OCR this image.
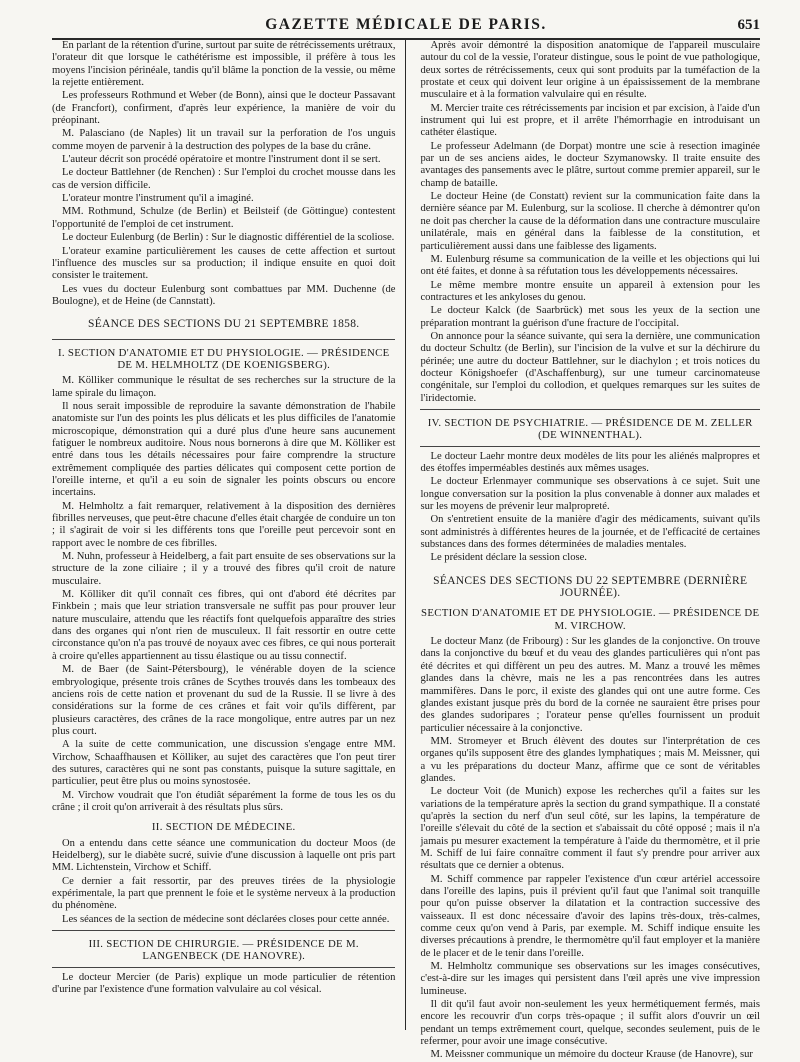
GAZETTE MÉDICALE DE PARIS.	651

En parlant de la rétention d'urine, surtout par suite de rétrécissements urétraux, l'orateur dit que lorsque le cathétérisme est impossible, il préfère à tous les moyens l'incision périnéale, tandis qu'il blâme la ponction de la vessie, ou même la rejette entièrement.

Les professeurs Rothmund et Weber (de Bonn), ainsi que le docteur Passavant (de Francfort), confirment, d'après leur expérience, la manière de voir du préopinant.

M. Palasciano (de Naples) lit un travail sur la perforation de l'os unguis comme moyen de parvenir à la destruction des polypes de la base du crâne.

L'auteur décrit son procédé opératoire et montre l'instrument dont il se sert.

Le docteur Battlehner (de Renchen) : Sur l'emploi du crochet mousse dans les cas de version difficile.

L'orateur montre l'instrument qu'il a imaginé.

MM. Rothmund, Schulze (de Berlin) et Beilsteif (de Göttingue) contestent l'opportunité de l'emploi de cet instrument.

Le docteur Eulenburg (de Berlin) : Sur le diagnostic différentiel de la scoliose.

L'orateur examine particulièrement les causes de cette affection et surtout l'influence des muscles sur sa production; il indique ensuite en quoi doit consister le traitement.

Les vues du docteur Eulenburg sont combattues par MM. Duchenne (de Boulogne), et de Heine (de Cannstatt).

SÉANCE DES SECTIONS DU 21 SEPTEMBRE 1858.
I. SECTION D'ANATOMIE ET DU PHYSIOLOGIE. — PRÉSIDENCE DE M. HELMHOLTZ (DE KOENIGSBERG).

M. Kölliker communique le résultat de ses recherches sur la structure de la lame spirale du limaçon.

Il nous serait impossible de reproduire la savante démonstration de l'habile anatomiste sur l'un des points les plus délicats et les plus difficiles de l'anatomie microscopique, démonstration qui a duré plus d'une heure sans aucunement fatiguer le nombreux auditoire. Nous nous bornerons à dire que M. Kölliker est entré dans tous les détails nécessaires pour faire comprendre la structure extrêmement compliquée des parties délicates qui composent cette portion de l'oreille interne, et qu'il a eu soin de signaler les points obscurs ou encore incertains.

M. Helmholtz a fait remarquer, relativement à la disposition des dernières fibrilles nerveuses, que peut-être chacune d'elles était chargée de conduire un ton ; il s'agirait de voir si les différents tons que l'oreille peut percevoir sont en rapport avec le nombre de ces fibrilles.

M. Nuhn, professeur à Heidelberg, a fait part ensuite de ses observations sur la structure de la zone ciliaire ; il y a trouvé des fibres qu'il croit de nature musculaire.

M. Kölliker dit qu'il connaît ces fibres, qui ont d'abord été décrites par Finkbein ; mais que leur striation transversale ne suffit pas pour prouver leur nature musculaire, attendu que les réactifs font quelquefois apparaître des stries dans des organes qui n'ont rien de musculeux. Il fait ressortir en outre cette circonstance qu'on n'a pas trouvé de noyaux avec ces fibres, ce qui nous porterait à croire qu'elles appartiennent au tissu élastique ou au tissu connectif.

M. de Baer (de Saint-Pétersbourg), le vénérable doyen de la science embryologique, présente trois crânes de Scythes trouvés dans les tombeaux des anciens rois de cette nation et provenant du sud de la Russie. Il se livre à des considérations sur la forme de ces crânes et fait voir qu'ils diffèrent, par plusieurs caractères, des crânes de la race mongolique, entre autres par un nez plus court.

A la suite de cette communication, une discussion s'engage entre MM. Virchow, Schaaffhausen et Kölliker, au sujet des caractères que l'on peut tirer des sutures, caractères qui ne sont pas constants, puisque la suture sagittale, en particulier, peut être plus ou moins synostosée.

M. Virchow voudrait que l'on étudiât séparément la forme de tous les os du crâne ; il croit qu'on arriverait à des résultats plus sûrs.

II. SECTION DE MÉDECINE.

On a entendu dans cette séance une communication du docteur Moos (de Heidelberg), sur le diabète sucré, suivie d'une discussion à laquelle ont pris part MM. Lichtenstein, Virchow et Schiff.

Ce dernier a fait ressortir, par des preuves tirées de la physiologie expérimentale, la part que prennent le foie et le système nerveux à la production du phénomène.

Les séances de la section de médecine sont déclarées closes pour cette année.

III. SECTION DE CHIRURGIE. — PRÉSIDENCE DE M. LANGENBECK (DE HANOVRE).

Le docteur Mercier (de Paris) explique un mode particulier de rétention d'urine par l'existence d'une formation valvulaire au col vésical.

Après avoir démontré la disposition anatomique de l'appareil musculaire autour du col de la vessie, l'orateur distingue, sous le point de vue pathologique, deux sortes de rétrécissements, ceux qui sont produits par la tuméfaction de la prostate et ceux qui doivent leur origine à un épaississement de la membrane musculaire et à la formation valvulaire qui en résulte.

M. Mercier traite ces rétrécissements par incision et par excision, à l'aide d'un instrument qui lui est propre, et il arrête l'hémorrhagie en introduisant un cathéter élastique.

Le professeur Adelmann (de Dorpat) montre une scie à resection imaginée par un de ses anciens aides, le docteur Szymanowsky. Il traite ensuite des avantages des pansements avec le plâtre, surtout comme premier appareil, sur le champ de bataille.

Le docteur Heine (de Constatt) revient sur la communication faite dans la dernière séance par M. Eulenburg, sur la scoliose. Il cherche à démontrer qu'on ne doit pas chercher la cause de la déformation dans une contracture musculaire unilatérale, mais en général dans la faiblesse de la constitution, et particulièrement aussi dans une faiblesse des ligaments.

M. Eulenburg résume sa communication de la veille et les objections qui lui ont été faites, et donne à sa réfutation tous les développements nécessaires.

Le même membre montre ensuite un appareil à extension pour les contractures et les ankyloses du genou.

Le docteur Kalck (de Saarbrück) met sous les yeux de la section une préparation montrant la guérison d'une fracture de l'occipital.

On annonce pour la séance suivante, qui sera la dernière, une communication du docteur Schultz (de Berlin), sur l'incision de la vulve et sur la déchirure du périnée; une autre du docteur Battlehner, sur le diachylon ; et trois notices du docteur Königshoefer (d'Aschaffenburg), sur une tumeur carcinomateuse congénitale, sur l'emploi du collodion, et quelques remarques sur les suites de l'iridectomie.

IV. SECTION DE PSYCHIATRIE. — PRÉSIDENCE DE M. ZELLER (DE WINNENTHAL).

Le docteur Laehr montre deux modèles de lits pour les aliénés malpropres et des étoffes imperméables destinés aux mêmes usages.

Le docteur Erlenmayer communique ses observations à ce sujet. Suit une longue conversation sur la position la plus convenable à donner aux malades et sur les moyens de prévenir leur malpropreté.

On s'entretient ensuite de la manière d'agir des médicaments, suivant qu'ils sont administrés à différentes heures de la journée, et de l'efficacité de certaines substances dans des formes déterminées de maladies mentales.

Le président déclare la session close.

SÉANCES DES SECTIONS DU 22 SEPTEMBRE (DERNIÈRE JOURNÉE).
SECTION D'ANATOMIE ET DE PHYSIOLOGIE. — PRÉSIDENCE DE M. VIRCHOW.

Le docteur Manz (de Fribourg) : Sur les glandes de la conjonctive. On trouve dans la conjonctive du bœuf et du veau des glandes particulières qui n'ont pas été décrites et qui diffèrent un peu des autres. M. Manz a trouvé les mêmes glandes dans la chèvre, mais ne les a pas rencontrées dans les autres mammifères. Dans le porc, il existe des glandes qui ont une autre forme. Ces glandes existant jusque près du bord de la cornée ne sauraient être prises pour des glandes sudoripares ; l'orateur pense qu'elles fournissent un produit particulier nécessaire à la conjonctive.

MM. Stromeyer et Bruch élèvent des doutes sur l'interprétation de ces organes qu'ils supposent être des glandes lymphatiques ; mais M. Meissner, qui a vu les préparations du docteur Manz, affirme que ce sont de véritables glandes.

Le docteur Voit (de Munich) expose les recherches qu'il a faites sur les variations de la température après la section du grand sympathique. Il a constaté qu'après la section du nerf d'un seul côté, sur les lapins, la température de l'oreille s'élevait du côté de la section et s'abaissait du côté opposé ; mais il n'a jamais pu mesurer exactement la température à l'aide du thermomètre, et il prie M. Schiff de lui faire connaître comment il faut s'y prendre pour arriver aux résultats que ce dernier a obtenus.

M. Schiff commence par rappeler l'existence d'un cœur artériel accessoire dans l'oreille des lapins, puis il prévient qu'il faut que l'animal soit tranquille pour qu'on puisse observer la dilatation et la contraction successive des vaisseaux. Il est donc nécessaire d'avoir des lapins très-doux, très-calmes, comme ceux qu'on vend à Paris, par exemple. M. Schiff indique ensuite les diverses précautions à prendre, le thermomètre qu'il faut employer et la manière de le placer et de le tenir dans l'oreille.

M. Helmholtz communique ses observations sur les images consécutives, c'est-à-dire sur les images qui persistent dans l'œil après une vive impression lumineuse.

Il dit qu'il faut avoir non-seulement les yeux hermétiquement fermés, mais encore les recouvrir d'un corps très-opaque ; il suffit alors d'ouvrir un œil pendant un temps extrêmement court, quelque, secondes seulement, puis de le refermer, pour avoir une image consécutive.

M. Meissner communique un mémoire du docteur Krause (de Hanovre), sur
